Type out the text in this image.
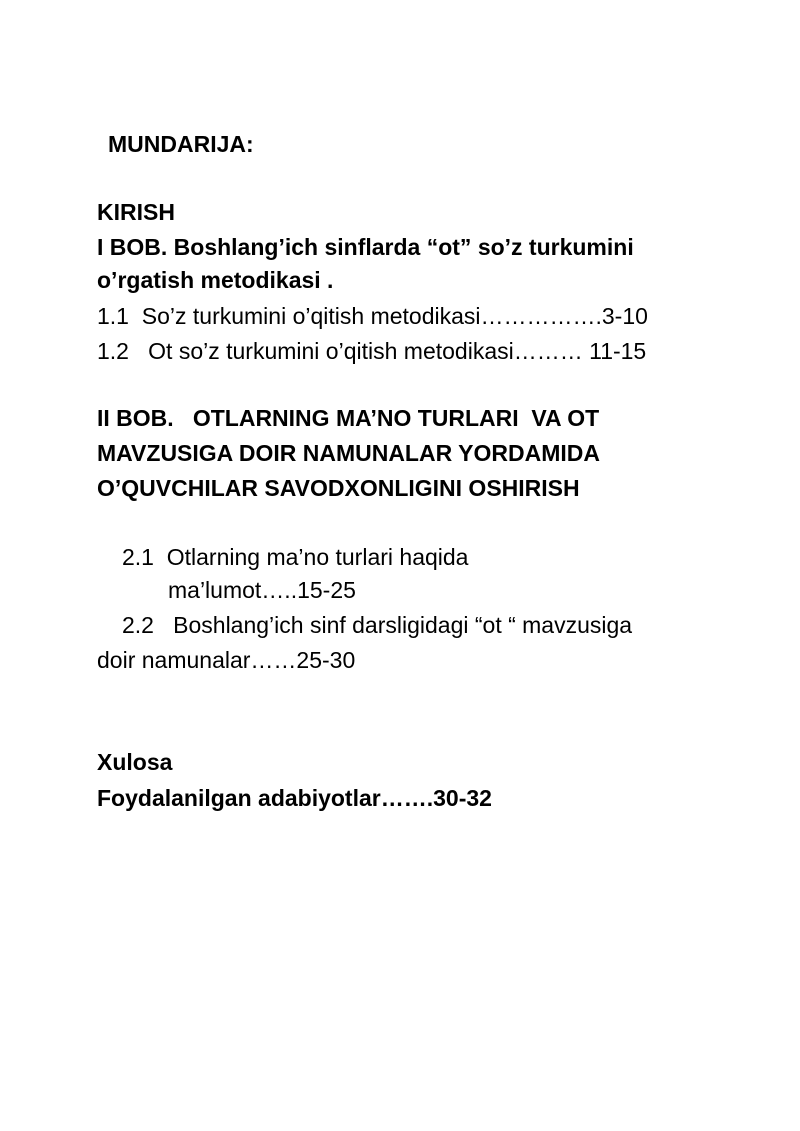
MUNDARIJA:
KIRISH
I BOB. Boshlang’ich sinflarda “ot” so’z turkumini
o’rgatish metodikasi .
1.1  So’z turkumini o’qitish metodikasi…………….3-10
1.2   Ot so’z turkumini o’qitish metodikasi……… 11-15
II BOB.   OTLARNING MA’NO TURLARI  VA OT
MAVZUSIGA DOIR NAMUNALAR YORDAMIDA
O’QUVCHILAR SAVODXONLIGINI OSHIRISH
2.1  Otlarning ma’no turlari haqida
ma’lumot…..15-25
2.2   Boshlang’ich sinf darsligidagi “ot “ mavzusiga
doir namunalar……25-30
Xulosa
Foydalanilgan adabiyotlar…….30-32
